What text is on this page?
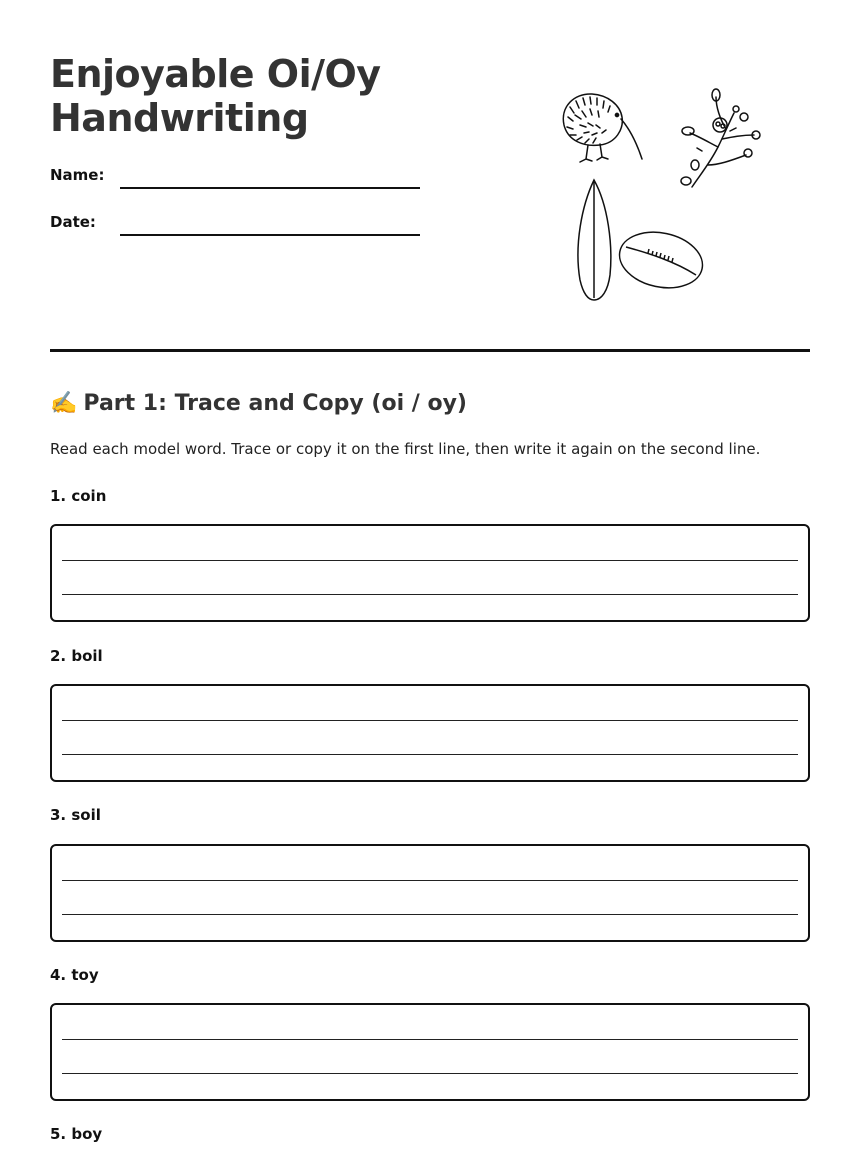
Enjoyable Oi/Oy
Handwriting
Name:
Date:
✍️ Part 1: Trace and Copy (oi / oy)

Read each model word. Trace or copy it on the first line, then write it again on the second line.

1. coin
2. boil
3. soil
4. toy
5. boy
